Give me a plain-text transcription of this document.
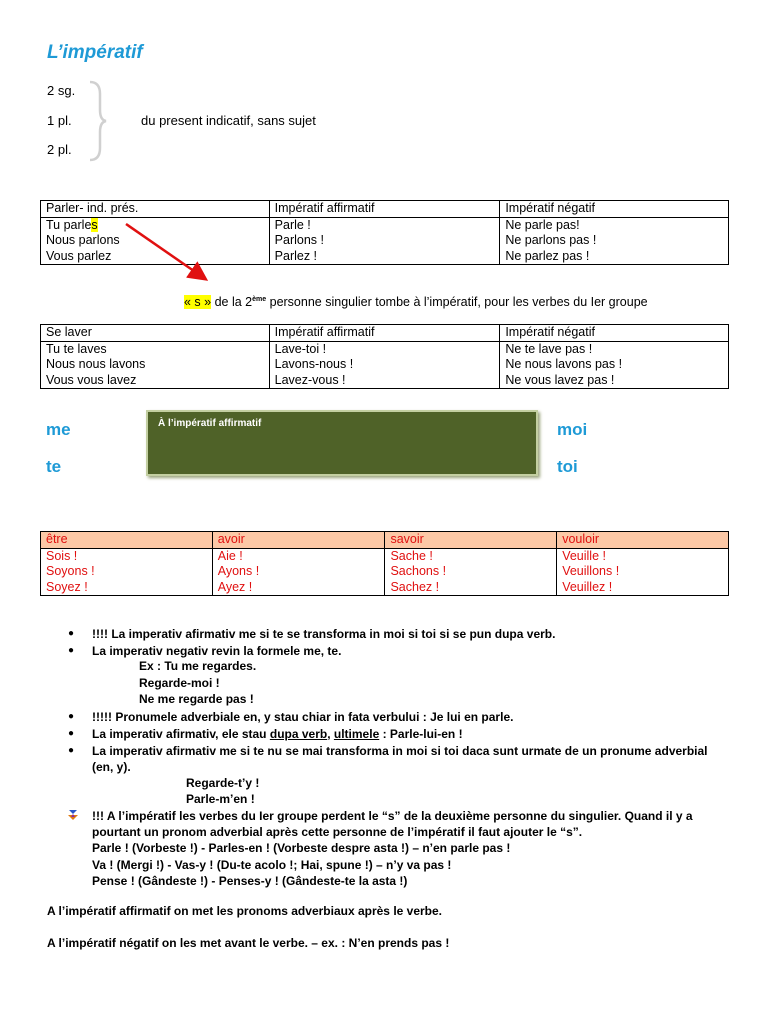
L’impératif
2 sg.
1 pl.
2 pl.
du present indicatif, sans sujet
Parler- ind. prés.	Impératif affirmatif	Impératif négatif
Tu parles	Parle !	Ne parle pas!
Nous parlons	Parlons !	Ne parlons pas !
Vous parlez	Parlez !	Ne parlez pas !
« s » de la 2ème personne singulier tombe à l’impératif, pour les verbes du Ier groupe
Se laver	Impératif affirmatif	Impératif négatif
Tu te laves	Lave-toi !	Ne te lave pas !
Nous nous lavons	Lavons-nous !	Ne nous lavons pas !
Vous vous lavez	Lavez-vous !	Ne vous lavez pas !
me
te
À l’impératif affirmatif	moi
toi
être	avoir	savoir	vouloir
Sois !	Aie !	Sache !	Veuille !
Soyons !	Ayons !	Sachons !	Veuillons !
Soyez !	Ayez !	Sachez !	Veuillez !
● !!!! La imperativ afirmativ me si te se transforma in moi si toi si se pun dupa verb.
● La imperativ negativ revin la formele me, te.
Ex : Tu me regardes.
Regarde-moi !
Ne me regarde pas !
● !!!!! Pronumele adverbiale en, y stau chiar in fata verbului : Je lui en parle.
● La imperativ afirmativ, ele stau dupa verb, ultimele : Parle-lui-en !
● La imperativ afirmativ me si te nu se mai transforma in moi si toi daca sunt urmate de un pronume adverbial
(en, y).
Regarde-t’y !
Parle-m’en !
!!! A l’impératif les verbes du Ier groupe perdent le “s” de la deuxième personne du singulier. Quand il y a
pourtant un pronom adverbial après cette personne de l’impératif il faut ajouter le “s”.
Parle ! (Vorbeste !) - Parles-en ! (Vorbeste despre asta !) – n’en parle pas !
Va ! (Mergi !) - Vas-y ! (Du-te acolo !; Hai, spune !) – n’y va pas !
Pense ! (Gândeste !) - Penses-y ! (Gândeste-te la asta !)
A l’impératif affirmatif on met les pronoms adverbiaux après le verbe.
A l’impératif négatif on les met avant le verbe. – ex. : N’en prends pas !
